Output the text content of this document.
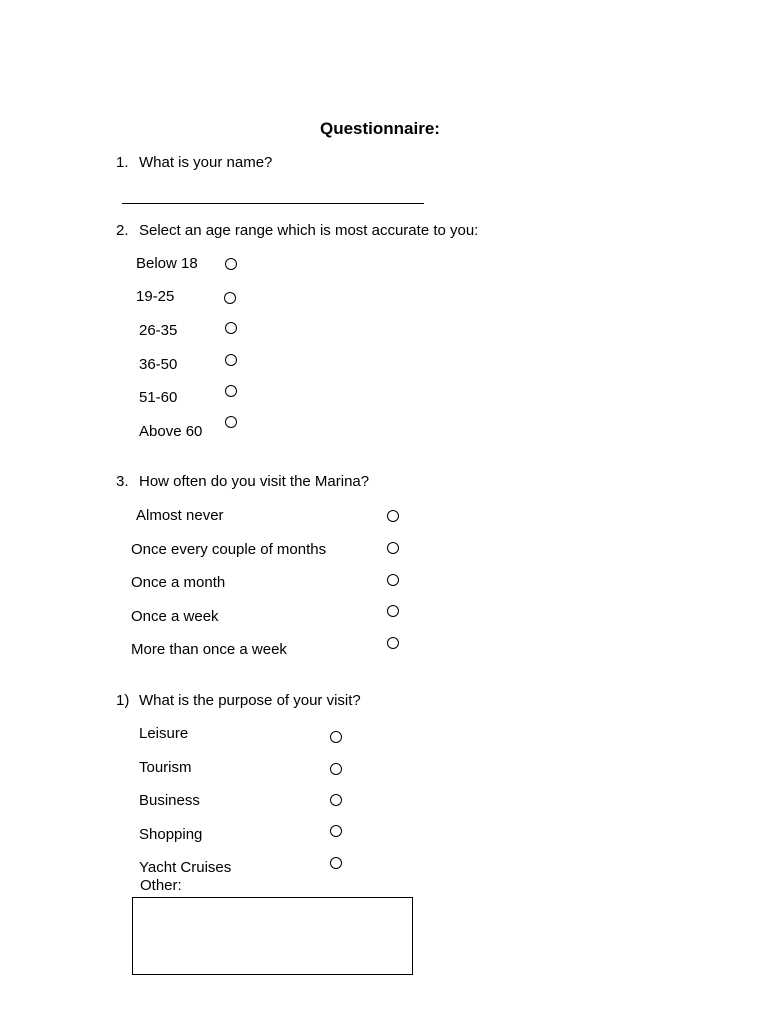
Questionnaire:
1. What is your name?
2. Select an age range which is most accurate to you:
Below 18
19-25
26-35
36-50
51-60
Above 60
3. How often do you visit the Marina?
Almost never
Once every couple of months
Once a month
Once a week
More than once a week
1) What is the purpose of your visit?
Leisure
Tourism
Business
Shopping
Yacht Cruises
Other:
